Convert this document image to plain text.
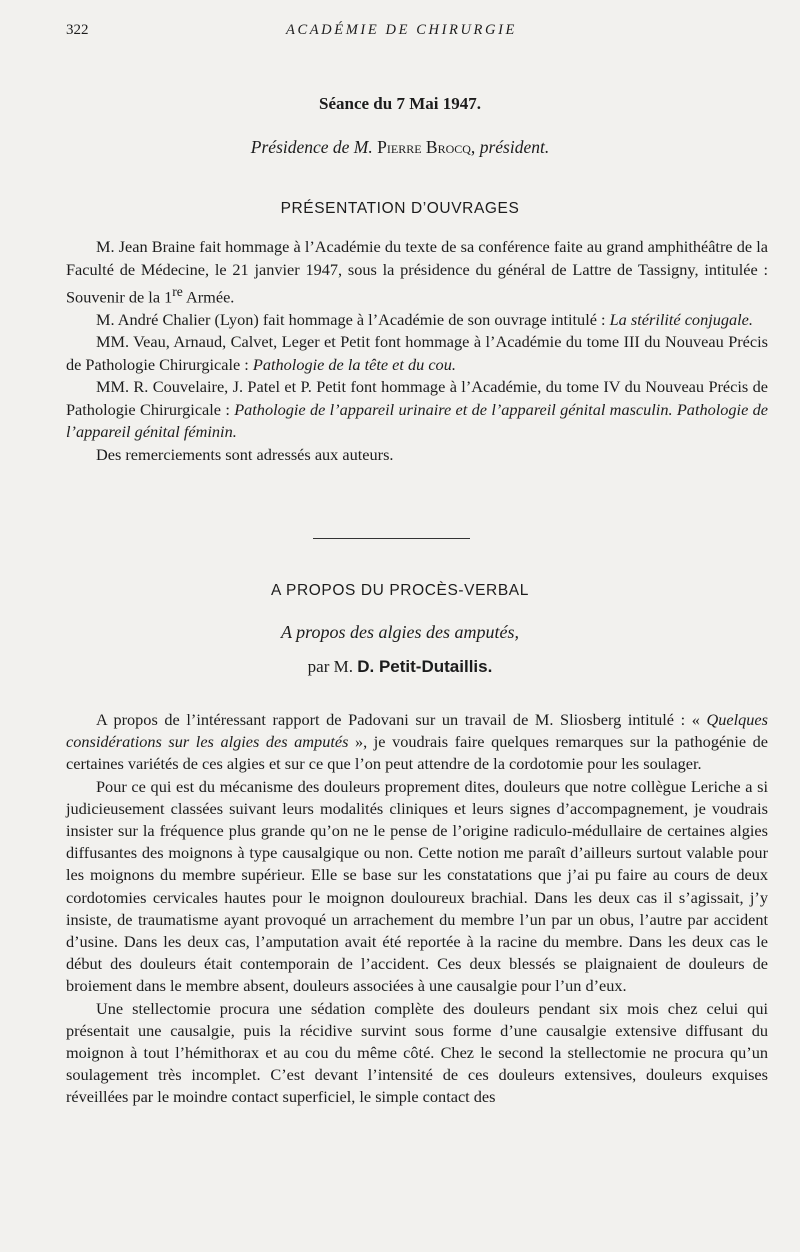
322	ACADÉMIE DE CHIRURGIE
Séance du 7 Mai 1947.
Présidence de M. Pierre Brocq, président.
PRÉSENTATION D’OUVRAGES

M. Jean Braine fait hommage à l’Académie du texte de sa conférence faite au grand amphithéâtre de la Faculté de Médecine, le 21 janvier 1947, sous la présidence du général de Lattre de Tassigny, intitulée : Souvenir de la 1re Armée.

M. André Chalier (Lyon) fait hommage à l’Académie de son ouvrage intitulé : La stérilité conjugale.

MM. Veau, Arnaud, Calvet, Leger et Petit font hommage à l’Académie du tome III du Nouveau Précis de Pathologie Chirurgicale : Pathologie de la tête et du cou.

MM. R. Couvelaire, J. Patel et P. Petit font hommage à l’Académie, du tome IV du Nouveau Précis de Pathologie Chirurgicale : Pathologie de l’appareil urinaire et de l’appareil génital masculin. Pathologie de l’appareil génital féminin.

Des remerciements sont adressés aux auteurs.

A PROPOS DU PROCÈS-VERBAL
A propos des algies des amputés,
par M. D. Petit-Dutaillis.

A propos de l’intéressant rapport de Padovani sur un travail de M. Sliosberg intitulé : « Quelques considérations sur les algies des amputés », je voudrais faire quelques remarques sur la pathogénie de certaines variétés de ces algies et sur ce que l’on peut attendre de la cordotomie pour les soulager.

Pour ce qui est du mécanisme des douleurs proprement dites, douleurs que notre collègue Leriche a si judicieusement classées suivant leurs modalités cliniques et leurs signes d’accompagnement, je voudrais insister sur la fréquence plus grande qu’on ne le pense de l’origine radiculo-médullaire de certaines algies diffusantes des moignons à type causalgique ou non. Cette notion me paraît d’ailleurs surtout valable pour les moignons du membre supérieur. Elle se base sur les constatations que j’ai pu faire au cours de deux cordotomies cervicales hautes pour le moignon douloureux brachial. Dans les deux cas il s’agissait, j’y insiste, de traumatisme ayant provoqué un arrachement du membre l’un par un obus, l’autre par accident d’usine. Dans les deux cas, l’amputation avait été reportée à la racine du membre. Dans les deux cas le début des douleurs était contemporain de l’accident. Ces deux blessés se plaignaient de douleurs de broiement dans le membre absent, douleurs associées à une causalgie pour l’un d’eux.

Une stellectomie procura une sédation complète des douleurs pendant six mois chez celui qui présentait une causalgie, puis la récidive survint sous forme d’une causalgie extensive diffusant du moignon à tout l’hémithorax et au cou du même côté. Chez le second la stellectomie ne procura qu’un soulagement très incomplet. C’est devant l’intensité de ces douleurs extensives, douleurs exquises réveillées par le moindre contact superficiel, le simple contact des
